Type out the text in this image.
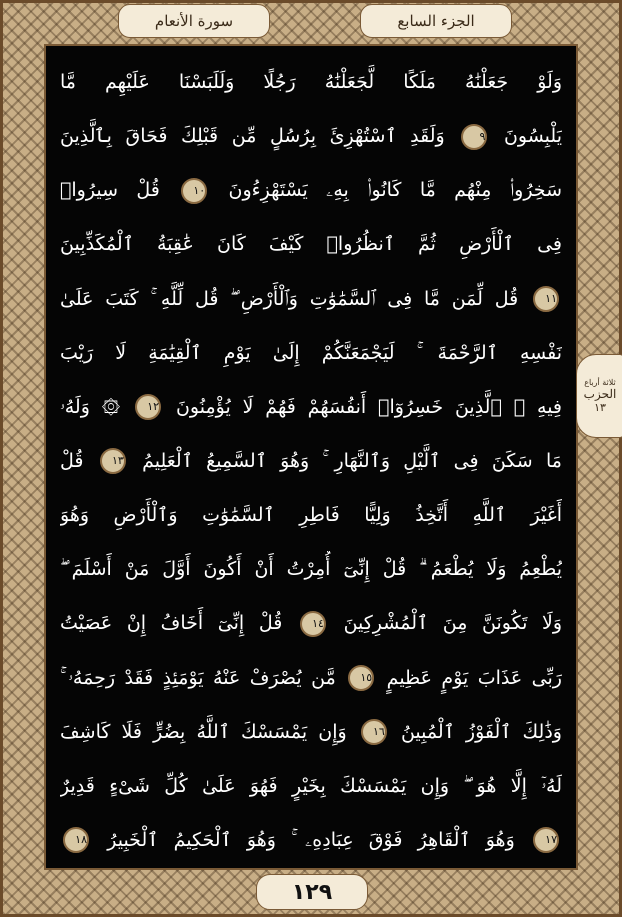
سورة الأنعام	الجزء السابع
وَلَوْ جَعَلْنَٰهُ مَلَكًا لَّجَعَلْنَٰهُ رَجُلًا وَلَلَبَسْنَا عَلَيْهِم مَّا
يَلْبِسُونَ ٩ وَلَقَدِ ٱسْتُهْزِئَ بِرُسُلٍ مِّن قَبْلِكَ فَحَاقَ بِٱلَّذِينَ
سَخِرُوا۟ مِنْهُم مَّا كَانُوا۟ بِهِۦ يَسْتَهْزِءُونَ ١٠ قُلْ سِيرُوا۟
فِى ٱلْأَرْضِ ثُمَّ ٱنظُرُوا۟ كَيْفَ كَانَ عَٰقِبَةُ ٱلْمُكَذِّبِينَ
١١ قُل لِّمَن مَّا فِى ٱلسَّمَٰوَٰتِ وَٱلْأَرْضِ ۖ قُل لِّلَّهِ ۚ كَتَبَ عَلَىٰ
نَفْسِهِ ٱلرَّحْمَةَ ۚ لَيَجْمَعَنَّكُمْ إِلَىٰ يَوْمِ ٱلْقِيَٰمَةِ لَا رَيْبَ
فِيهِ ۚ ٱلَّذِينَ خَسِرُوٓا۟ أَنفُسَهُمْ فَهُمْ لَا يُؤْمِنُونَ ١٢ ۞ وَلَهُۥ
مَا سَكَنَ فِى ٱلَّيْلِ وَٱلنَّهَارِ ۚ وَهُوَ ٱلسَّمِيعُ ٱلْعَلِيمُ ١٣ قُلْ
أَغَيْرَ ٱللَّهِ أَتَّخِذُ وَلِيًّا فَاطِرِ ٱلسَّمَٰوَٰتِ وَٱلْأَرْضِ وَهُوَ
يُطْعِمُ وَلَا يُطْعَمُ ۗ قُلْ إِنِّىٓ أُمِرْتُ أَنْ أَكُونَ أَوَّلَ مَنْ أَسْلَمَ ۖ
وَلَا تَكُونَنَّ مِنَ ٱلْمُشْرِكِينَ ١٤ قُلْ إِنِّىٓ أَخَافُ إِنْ عَصَيْتُ
رَبِّى عَذَابَ يَوْمٍ عَظِيمٍ ١٥ مَّن يُصْرَفْ عَنْهُ يَوْمَئِذٍ فَقَدْ رَحِمَهُۥ ۚ
وَذَٰلِكَ ٱلْفَوْزُ ٱلْمُبِينُ ١٦ وَإِن يَمْسَسْكَ ٱللَّهُ بِضُرٍّ فَلَا كَاشِفَ
لَهُۥٓ إِلَّا هُوَ ۖ وَإِن يَمْسَسْكَ بِخَيْرٍ فَهُوَ عَلَىٰ كُلِّ شَىْءٍ قَدِيرٌ
١٧ وَهُوَ ٱلْقَاهِرُ فَوْقَ عِبَادِهِۦ ۚ وَهُوَ ٱلْحَكِيمُ ٱلْخَبِيرُ ١٨
ثلاثة أرباع
الحزب
١٣
١٢٩
